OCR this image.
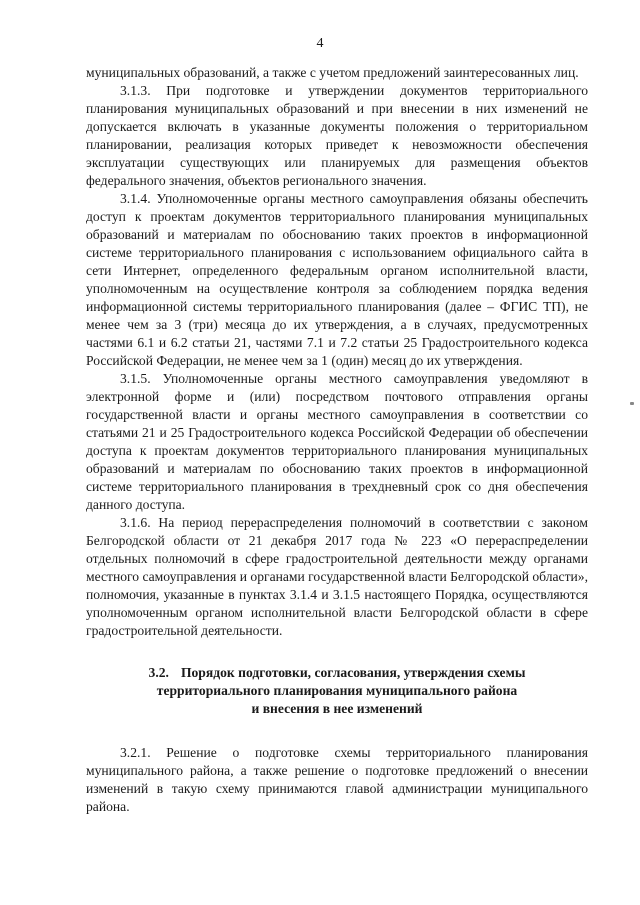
4

муниципальных образований, а также с учетом предложений заинтересованных лиц.

3.1.3. При подготовке и утверждении документов территориального планирования муниципальных образований и при внесении в них изменений не допускается включать в указанные документы положения о территориальном планировании, реализация которых приведет к невозможности обеспечения эксплуатации существующих или планируемых для размещения объектов федерального значения, объектов регионального значения.

3.1.4. Уполномоченные органы местного самоуправления обязаны обеспечить доступ к проектам документов территориального планирования муниципальных образований и материалам по обоснованию таких проектов в информационной системе территориального планирования с использованием официального сайта в сети Интернет, определенного федеральным органом исполнительной власти, уполномоченным на осуществление контроля за соблюдением порядка ведения информационной системы территориального планирования (далее – ФГИС ТП), не менее чем за 3 (три) месяца до их утверждения, а в случаях, предусмотренных частями 6.1 и 6.2 статьи 21, частями 7.1 и 7.2 статьи 25 Градостроительного кодекса Российской Федерации, не менее чем за 1 (один) месяц до их утверждения.

3.1.5. Уполномоченные органы местного самоуправления уведомляют в электронной форме и (или) посредством почтового отправления органы государственной власти и органы местного самоуправления в соответствии со статьями 21 и 25 Градостроительного кодекса Российской Федерации об обеспечении доступа к проектам документов территориального планирования муниципальных образований и материалам по обоснованию таких проектов в информационной системе территориального планирования в трехдневный срок со дня обеспечения данного доступа.

3.1.6. На период перераспределения полномочий в соответствии с законом Белгородской области от 21 декабря 2017 года № 223 «О перераспределении отдельных полномочий в сфере градостроительной деятельности между органами местного самоуправления и органами государственной власти Белгородской области», полномочия, указанные в пунктах 3.1.4 и 3.1.5 настоящего Порядка, осуществляются уполномоченным органом исполнительной власти Белгородской области в сфере градостроительной деятельности.

3.2. Порядок подготовки, согласования, утверждения схемы
территориального планирования муниципального района
и внесения в нее изменений

3.2.1. Решение о подготовке схемы территориального планирования муниципального района, а также решение о подготовке предложений о внесении изменений в такую схему принимаются главой администрации муниципального района.
